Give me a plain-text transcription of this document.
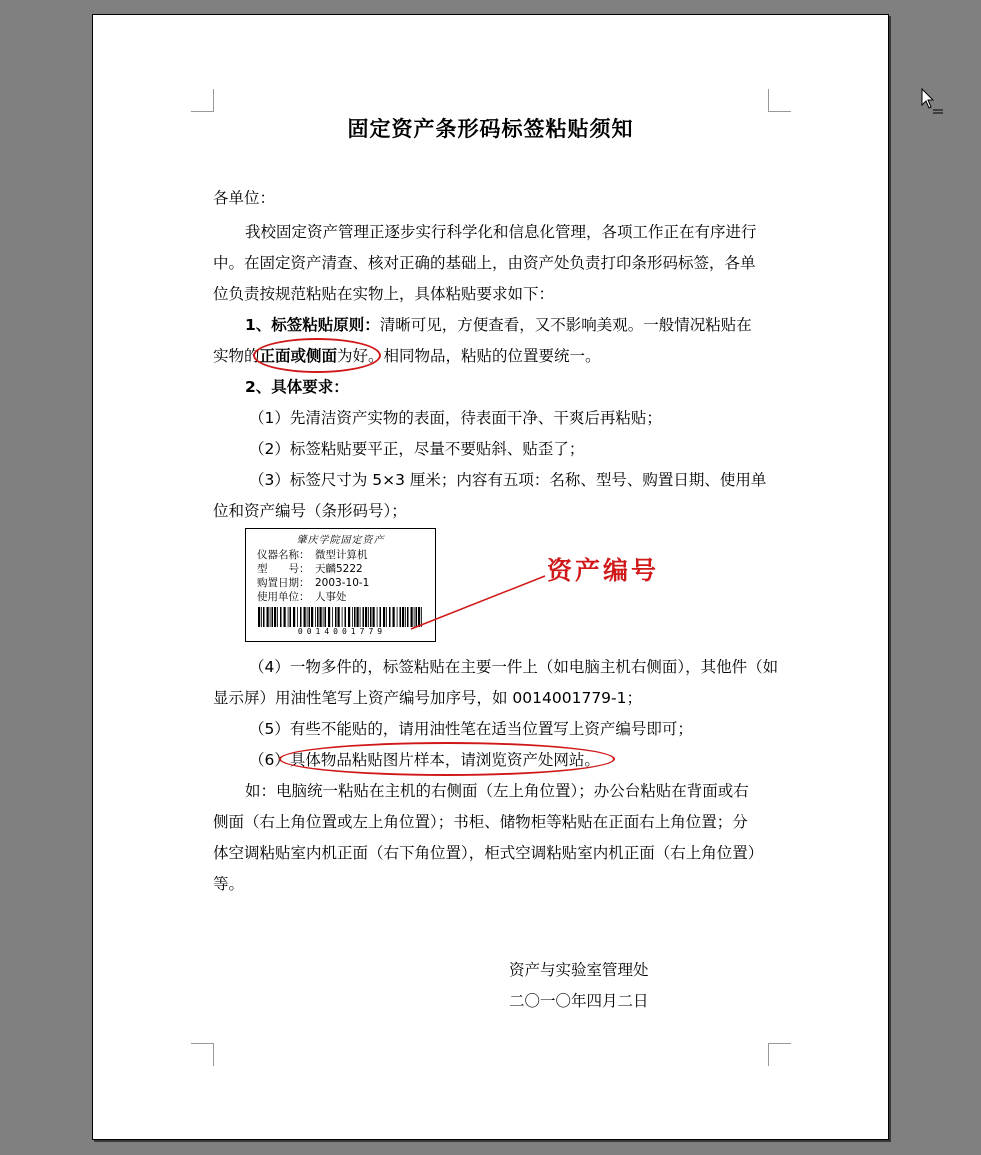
固定资产条形码标签粘贴须知
各单位：
我校固定资产管理正逐步实行科学化和信息化管理，各项工作正在有序进行
中。在固定资产清查、核对正确的基础上，由资产处负责打印条形码标签，各单
位负责按规范粘贴在实物上，具体粘贴要求如下：
1、标签粘贴原则：清晰可见，方便查看，又不影响美观。一般情况粘贴在
实物的正面或侧面为好。相同物品，粘贴的位置要统一。
2、具体要求：
（1）先清洁资产实物的表面，待表面干净、干爽后再粘贴；
（2）标签粘贴要平正，尽量不要贴斜、贴歪了；
（3）标签尺寸为 5×3 厘米；内容有五项：名称、型号、购置日期、使用单
位和资产编号（条形码号）；
肇庆学院固定资产
仪器名称： 微型计算机
型　　号： 天麟5222
购置日期： 2003-10-1
使用单位： 人事处
0014001779
资产编号
（4）一物多件的，标签粘贴在主要一件上（如电脑主机右侧面），其他件（如
显示屏）用油性笔写上资产编号加序号，如 0014001779-1；
（5）有些不能贴的，请用油性笔在适当位置写上资产编号即可；
（6）具体物品粘贴图片样本，请浏览资产处网站。
如：电脑统一粘贴在主机的右侧面（左上角位置）；办公台粘贴在背面或右
侧面（右上角位置或左上角位置）；书柜、储物柜等粘贴在正面右上角位置；分
体空调粘贴室内机正面（右下角位置），柜式空调粘贴室内机正面（右上角位置）
等。
资产与实验室管理处
二〇一〇年四月二日
